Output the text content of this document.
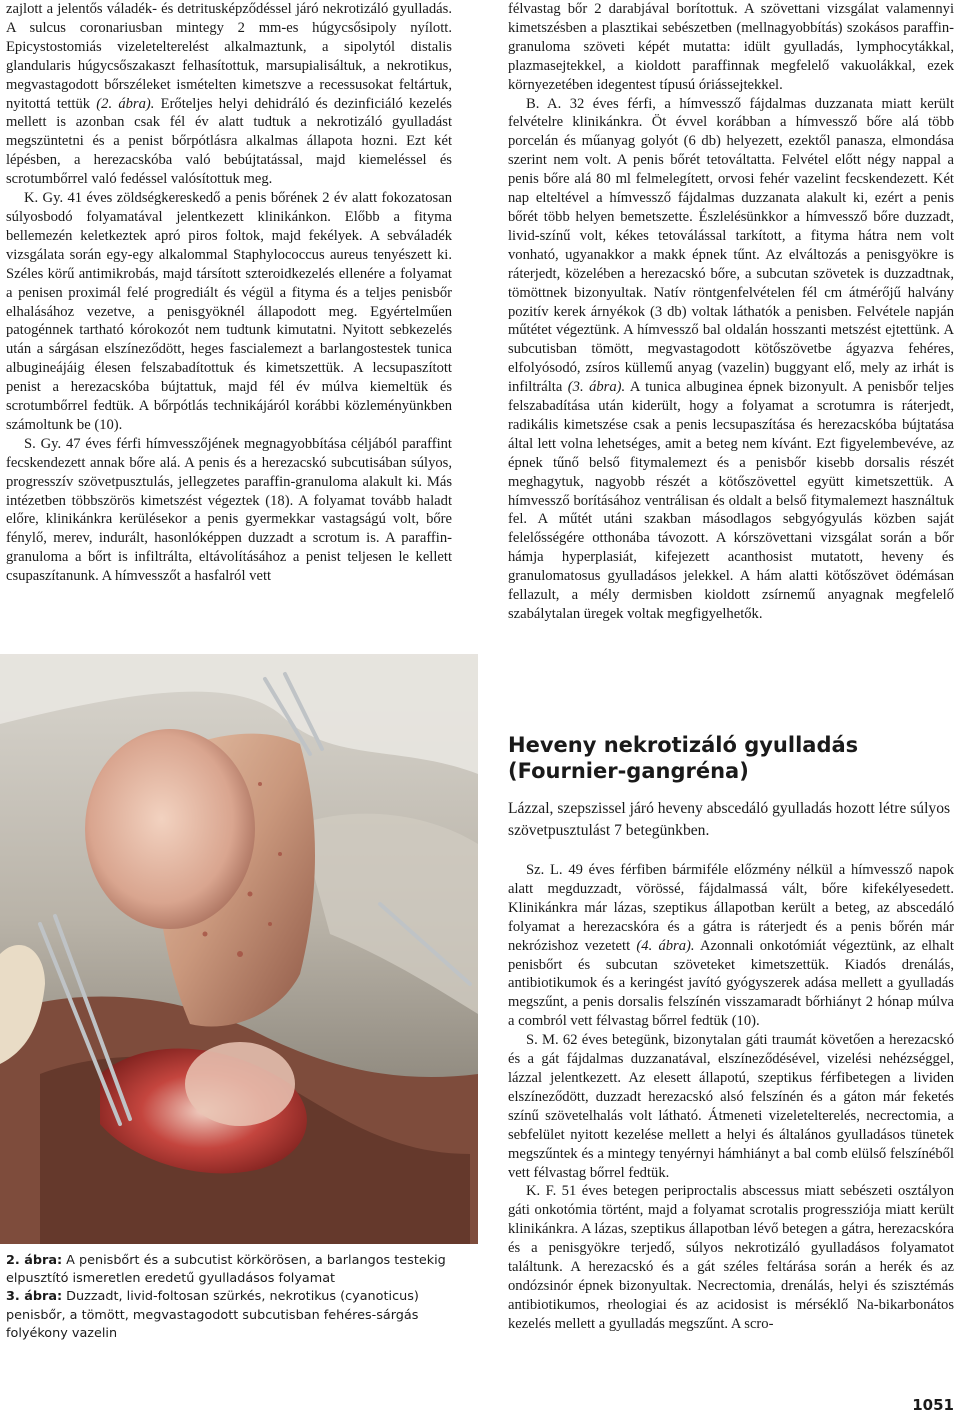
zajlott a jelentős váladék- és detritusképződéssel járó nekrotizáló gyulladás. A sulcus coronariusban mintegy 2 mm-es húgycsősipoly nyílott. Epicystostomiás vizeletelterelést alkalmaztunk, a sipolytól distalis glandularis húgycsőszakaszt felhasítottuk, marsupialisáltuk, a nekrotikus, megvastagodott bőrszéleket ismételten kimetszve a recessusokat feltártuk, nyitottá tettük (2. ábra). Erőteljes helyi dehidráló és dezinficiáló kezelés mellett is azonban csak fél év alatt tudtuk a nekrotizáló gyulladást megszüntetni és a penist bőrpótlásra alkalmas állapota hozni. Ezt két lépésben, a herezacskóba való bebújtatással, majd kiemeléssel és scrotumbőrrel való fedéssel valósítottuk meg.

K. Gy. 41 éves zöldségkereskedő a penis bőrének 2 év alatt fokozatosan súlyosbodó folyamatával jelentkezett klinikánkon. Előbb a fityma bellemezén keletkeztek apró piros foltok, majd fekélyek. A sebváladék vizsgálata során egy-egy alkalommal Staphylococcus aureus tenyészett ki. Széles körű antimikrobás, majd társított szteroidkezelés ellenére a folyamat a penisen proximál felé progrediált és végül a fityma és a teljes penisbőr elhalásához vezetve, a penisgyöknél állapodott meg. Egyértelműen patogénnek tartható kórokozót nem tudtunk kimutatni. Nyitott sebkezelés után a sárgásan elszíneződött, heges fascialemezt a barlangostestek tunica albugineájáig élesen felszabadítottuk és kimetszettük. A lecsupaszított penist a herezacskóba bújtattuk, majd fél év múlva kiemeltük és scrotumbőrrel fedtük. A bőrpótlás technikájáról korábbi közleményünkben számoltunk be (10).

S. Gy. 47 éves férfi hímvesszőjének megnagyobbítása céljából paraffint fecskendezett annak bőre alá. A penis és a herezacskó subcutisában súlyos, progresszív szövetpusztulás, jellegzetes paraffin-granuloma alakult ki. Más intézetben többszörös kimetszést végeztek (18). A folyamat tovább haladt előre, klinikánkra kerülésekor a penis gyermekkar vastagságú volt, bőre fénylő, merev, indurált, hasonlóképpen duzzadt a scrotum is. A paraffin-granuloma a bőrt is infiltrálta, eltávolításához a penist teljesen le kellett csupaszítanunk. A hímvesszőt a hasfalról vett

2. ábra: A penisbőrt és a subcutist körkörösen, a barlangos testekig elpusztító ismeretlen eredetű gyulladásos folyamat

3. ábra: Duzzadt, livid-foltosan szürkés, nekrotikus (cyanoticus) penisbőr, a tömött, megvastagodott subcutisban fehéres-sárgás folyékony vazelin

félvastag bőr 2 darabjával borítottuk. A szövettani vizsgálat valamennyi kimetszésben a plasztikai sebészetben (mellnagyobbítás) szokásos paraffin-granuloma szöveti képét mutatta: idült gyulladás, lymphocytákkal, plazmasejtekkel, a kioldott paraffinnak megfelelő vakuolákkal, ezek környezetében idegentest típusú óriássejtekkel.

B. A. 32 éves férfi, a hímvessző fájdalmas duzzanata miatt került felvételre klinikánkra. Öt évvel korábban a hímvessző bőre alá több porcelán és műanyag golyót (6 db) helyezett, ezektől panasza, elmondása szerint nem volt. A penis bőrét tetováltatta. Felvétel előtt négy nappal a penis bőre alá 80 ml felmelegített, orvosi fehér vazelint fecskendezett. Két nap elteltével a hímvessző fájdalmas duzzanata alakult ki, ezért a penis bőrét több helyen bemetszette. Észlelésünkkor a hímvessző bőre duzzadt, livid-színű volt, kékes tetoválással tarkított, a fityma hátra nem volt vonható, ugyanakkor a makk épnek tűnt. Az elváltozás a penisgyökre is ráterjedt, közelében a herezacskó bőre, a subcutan szövetek is duzzadtnak, tömöttnek bizonyultak. Natív röntgenfelvételen fél cm átmérőjű halvány pozitív kerek árnyékok (3 db) voltak láthatók a penisben. Felvétele napján műtétet végeztünk. A hímvessző bal oldalán hosszanti metszést ejtettünk. A subcutisban tömött, megvastagodott kötőszövetbe ágyazva fehéres, elfolyósodó, zsíros küllemű anyag (vazelin) buggyant elő, mely az irhát is infiltrálta (3. ábra). A tunica albuginea épnek bizonyult. A penisbőr teljes felszabadítása után kiderült, hogy a folyamat a scrotumra is ráterjedt, radikális kimetszése csak a penis lecsupaszítása és herezacskóba bújtatása által lett volna lehetséges, amit a beteg nem kívánt. Ezt figyelembevéve, az épnek tűnő belső fitymalemezt és a penisbőr kisebb dorsalis részét meghagytuk, nagyobb részét a kötőszövettel együtt kimetszettük. A hímvessző borításához ventrálisan és oldalt a belső fitymalemezt használtuk fel. A műtét utáni szakban másodlagos sebgyógyulás közben saját felelősségére otthonába távozott. A kórszövettani vizsgálat során a bőr hámja hyperplasiát, kifejezett acanthosist mutatott, heveny és granulomatosus gyulladásos jelekkel. A hám alatti kötőszövet ödémásan fellazult, a mély dermisben kioldott zsírnemű anyagnak megfelelő szabálytalan üregek voltak megfigyelhetők.

Heveny nekrotizáló gyulladás
(Fournier-gangréna)

Lázzal, szepszissel járó heveny abscedáló gyulladás hozott létre súlyos szövetpusztulást 7 betegünkben.

Sz. L. 49 éves férfiben bármiféle előzmény nélkül a hímvessző napok alatt megduzzadt, vörössé, fájdalmassá vált, bőre kifekélyesedett. Klinikánkra már lázas, szeptikus állapotban került a beteg, az abscedáló folyamat a herezacskóra és a gátra is ráterjedt és a penis bőrén már nekrózishoz vezetett (4. ábra). Azonnali onkotómiát végeztünk, az elhalt penisbőrt és subcutan szöveteket kimetszettük. Kiadós drenálás, antibiotikumok és a keringést javító gyógyszerek adása mellett a gyulladás megszűnt, a penis dorsalis felszínén visszamaradt bőrhiányt 2 hónap múlva a combról vett félvastag bőrrel fedtük (10).

S. M. 62 éves betegünk, bizonytalan gáti traumát követően a herezacskó és a gát fájdalmas duzzanatával, elszíneződésével, vizelési nehézséggel, lázzal jelentkezett. Az elesett állapotú, szeptikus férfibetegen a lividen elszíneződött, duzzadt herezacskó alsó felszínén és a gáton már feketés színű szövetelhalás volt látható. Átmeneti vizeletelterelés, necrectomia, a sebfelület nyitott kezelése mellett a helyi és általános gyulladásos tünetek megszűntek és a mintegy tenyérnyi hámhiányt a bal comb elülső felszínéből vett félvastag bőrrel fedtük.

K. F. 51 éves betegen periproctalis abscessus miatt sebészeti osztályon gáti onkotómia történt, majd a folyamat scrotalis progressziója miatt került klinikánkra. A lázas, szeptikus állapotban lévő betegen a gátra, herezacskóra és a penisgyökre terjedő, súlyos nekrotizáló gyulladásos folyamatot találtunk. A herezacskó és a gát széles feltárása során a herék és az ondózsinór épnek bizonyultak. Necrectomia, drenálás, helyi és szisztémás antibiotikumos, rheologiai és az acidosist is mérséklő Na-bikarbonátos kezelés mellett a gyulladás megszűnt. A scro-

1051
